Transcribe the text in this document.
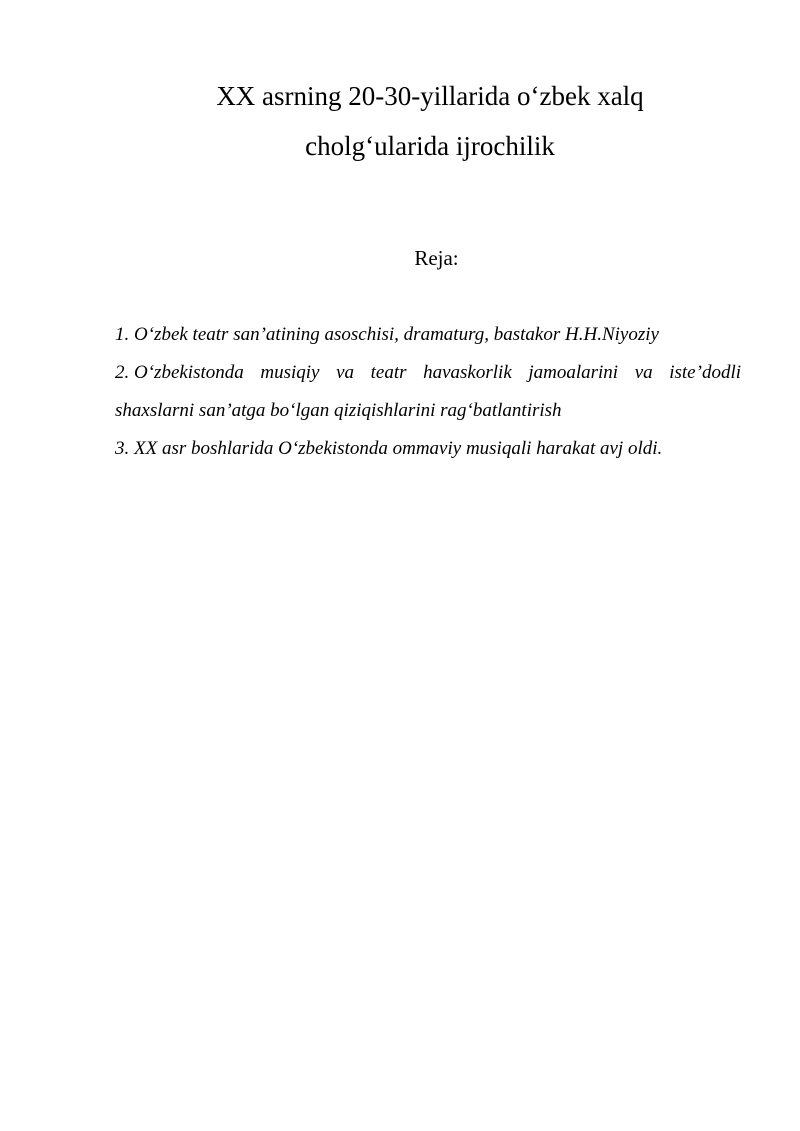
XX asrning 20-30-yillarida o‘zbek xalq
cholg‘ularida ijrochilik
Reja:
1. O‘zbek teatr san’atining asoschisi, dramaturg, bastakor H.H.Niyoziy
2. O‘zbekistonda musiqiy va teatr havaskorlik jamoalarini va iste’dodli shaxslarni san’atga bo‘lgan qiziqishlarini rag‘batlantirish
3. XX asr boshlarida O‘zbekistonda ommaviy musiqali harakat avj oldi.
